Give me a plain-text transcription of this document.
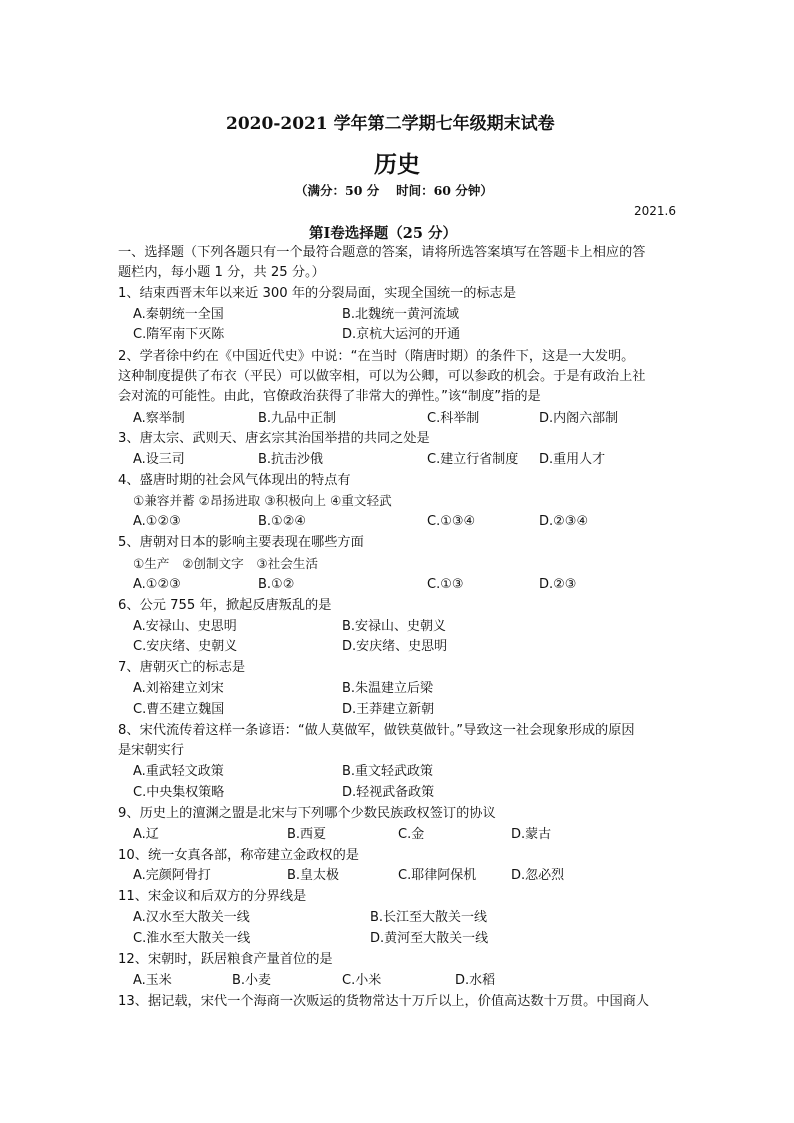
2020-2021 学年第二学期七年级期末试卷
历史
（满分：50 分　 时间：60 分钟）
2021.6
第Ⅰ卷选择题（25 分）
一、选择题（下列各题只有一个最符合题意的答案，请将所选答案填写在答题卡上相应的答
题栏内，每小题 1 分，共 25 分。）
1、结束西晋末年以来近 300 年的分裂局面，实现全国统一的标志是
A.秦朝统一全国	B.北魏统一黄河流域
C.隋军南下灭陈	D.京杭大运河的开通
2、学者徐中约在《中国近代史》中说：“在当时（隋唐时期）的条件下，这是一大发明。
这种制度提供了布衣（平民）可以做宰相，可以为公卿，可以参政的机会。于是有政治上社
会对流的可能性。由此，官僚政治获得了非常大的弹性。”该“制度”指的是
A.察举制	B.九品中正制	C.科举制	D.内阁六部制
3、唐太宗、武则天、唐玄宗其治国举措的共同之处是
A.设三司	B.抗击沙俄	C.建立行省制度 D.重用人才
4、盛唐时期的社会风气体现出的特点有
①兼容并蓄 ②昂扬进取 ③积极向上 ④重文轻武
A.①②③	B.①②④	C.①③④	D.②③④
5、唐朝对日本的影响主要表现在哪些方面
①生产　②创制文字　③社会生活
A.①②③	B.①②	C.①③	D.②③
6、公元 755 年，掀起反唐叛乱的是
A.安禄山、史思明	B.安禄山、史朝义
C.安庆绪、史朝义	D.安庆绪、史思明
7、唐朝灭亡的标志是
A.刘裕建立刘宋	B.朱温建立后梁
C.曹丕建立魏国	D.王莽建立新朝
8、宋代流传着这样一条谚语：“做人莫做军，做铁莫做针。”导致这一社会现象形成的原因
是宋朝实行
A.重武轻文政策	B.重文轻武政策
C.中央集权策略	D.轻视武备政策
9、历史上的澶渊之盟是北宋与下列哪个少数民族政权签订的协议
A.辽	B.西夏	C.金	D.蒙古
10、统一女真各部，称帝建立金政权的是
A.完颜阿骨打	B.皇太极	C.耶律阿保机	D.忽必烈
11、宋金议和后双方的分界线是
A.汉水至大散关一线	B.长江至大散关一线
C.淮水至大散关一线	D.黄河至大散关一线
12、宋朝时，跃居粮食产量首位的是
A.玉米	B.小麦	C.小米	D.水稻
13、据记载，宋代一个海商一次贩运的货物常达十万斤以上，价值高达数十万贯。中国商人
